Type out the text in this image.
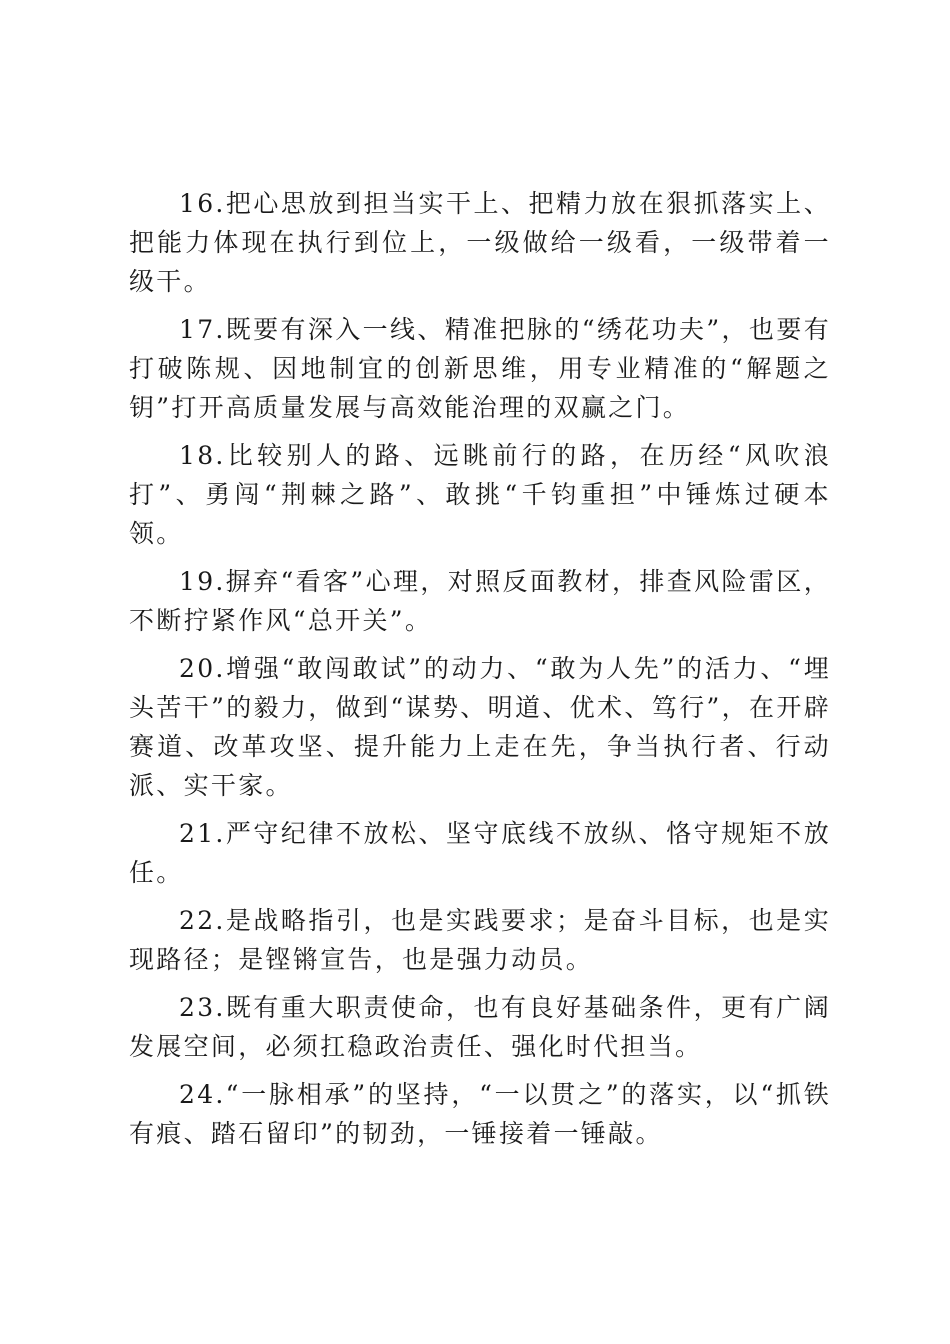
16.把心思放到担当实干上、把精力放在狠抓落实上、把能力体现在执行到位上，一级做给一级看，一级带着一级干。

17.既要有深入一线、精准把脉的“绣花功夫”，也要有打破陈规、因地制宜的创新思维，用专业精准的“解题之钥”打开高质量发展与高效能治理的双赢之门。

18.比较别人的路、远眺前行的路，在历经“风吹浪打”、勇闯“荆棘之路”、敢挑“千钧重担”中锤炼过硬本领。

19.摒弃“看客”心理，对照反面教材，排查风险雷区，不断拧紧作风“总开关”。

20.增强“敢闯敢试”的动力、“敢为人先”的活力、“埋头苦干”的毅力，做到“谋势、明道、优术、笃行”，在开辟赛道、改革攻坚、提升能力上走在先，争当执行者、行动派、实干家。

21.严守纪律不放松、坚守底线不放纵、恪守规矩不放任。

22.是战略指引，也是实践要求；是奋斗目标，也是实现路径；是铿锵宣告，也是强力动员。

23.既有重大职责使命，也有良好基础条件，更有广阔发展空间，必须扛稳政治责任、强化时代担当。

24.“一脉相承”的坚持，“一以贯之”的落实，以“抓铁有痕、踏石留印”的韧劲，一锤接着一锤敲。
